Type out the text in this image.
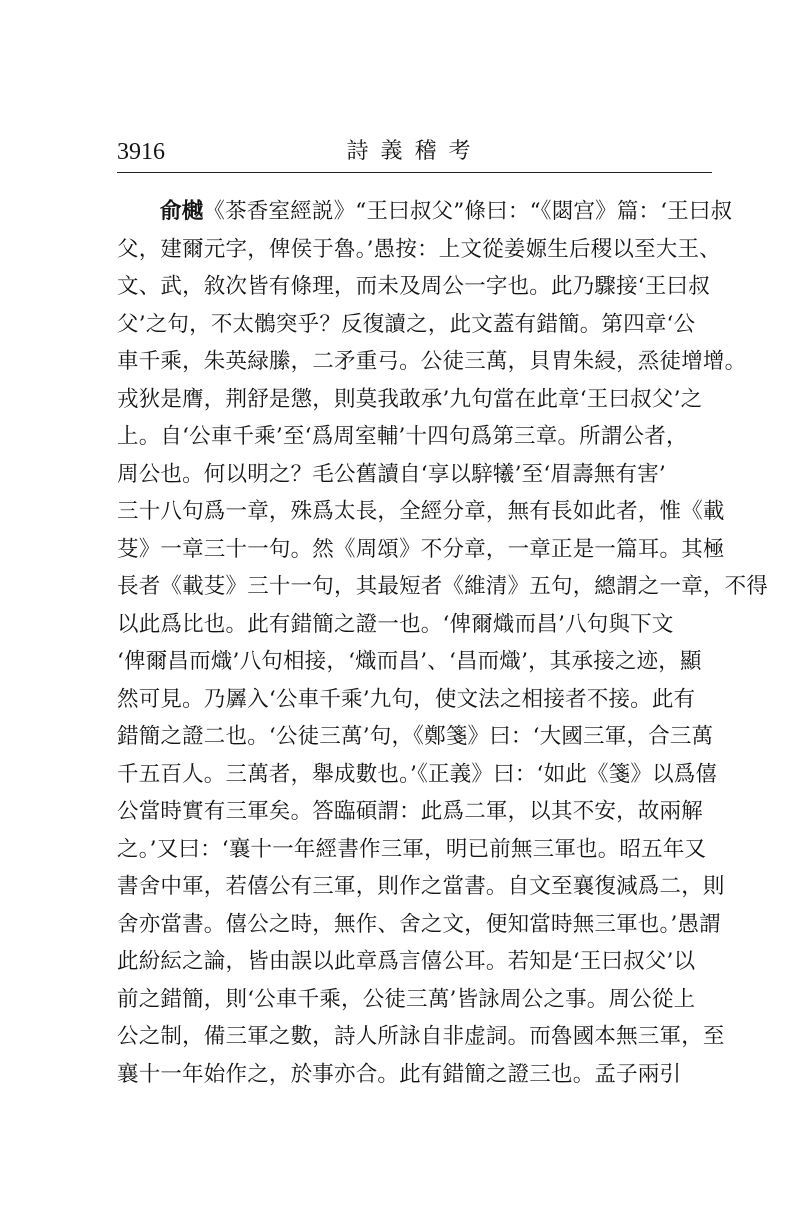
3916	詩義稽考
俞樾《茶香室經説》“王曰叔父”條曰：“《閟宫》篇：‘王曰叔
父，建爾元字，俾侯于魯。’愚按：上文從姜嫄生后稷以至大王、
文、武，敘次皆有條理，而未及周公一字也。此乃驟接‘王曰叔
父’之句，不太鶻突乎？反復讀之，此文蓋有錯簡。第四章‘公
車千乘，朱英緑縢，二矛重弓。公徒三萬，貝胄朱綅，烝徒增增。
戎狄是膺，荆舒是懲，則莫我敢承’九句當在此章‘王曰叔父’之
上。自‘公車千乘’至‘爲周室輔’十四句爲第三章。所謂公者，
周公也。何以明之？毛公舊讀自‘享以騂犧’至‘眉壽無有害’
三十八句爲一章，殊爲太長，全經分章，無有長如此者，惟《載
芟》一章三十一句。然《周頌》不分章，一章正是一篇耳。其極
長者《載芟》三十一句，其最短者《維清》五句，總謂之一章，不得
以此爲比也。此有錯簡之證一也。‘俾爾熾而昌’八句與下文
‘俾爾昌而熾’八句相接，‘熾而昌’、‘昌而熾’，其承接之迹，顯
然可見。乃羼入‘公車千乘’九句，使文法之相接者不接。此有
錯簡之證二也。‘公徒三萬’句，《鄭箋》曰：‘大國三軍，合三萬
千五百人。三萬者，舉成數也。’《正義》曰：‘如此《箋》以爲僖
公當時實有三軍矣。答臨碩謂：此爲二軍，以其不安，故兩解
之。’又曰：‘襄十一年經書作三軍，明已前無三軍也。昭五年又
書舍中軍，若僖公有三軍，則作之當書。自文至襄復減爲二，則
舍亦當書。僖公之時，無作、舍之文，便知當時無三軍也。’愚謂
此紛紜之論，皆由誤以此章爲言僖公耳。若知是‘王曰叔父’以
前之錯簡，則‘公車千乘，公徒三萬’皆詠周公之事。周公從上
公之制，備三軍之數，詩人所詠自非虚詞。而魯國本無三軍，至
襄十一年始作之，於事亦合。此有錯簡之證三也。孟子兩引
